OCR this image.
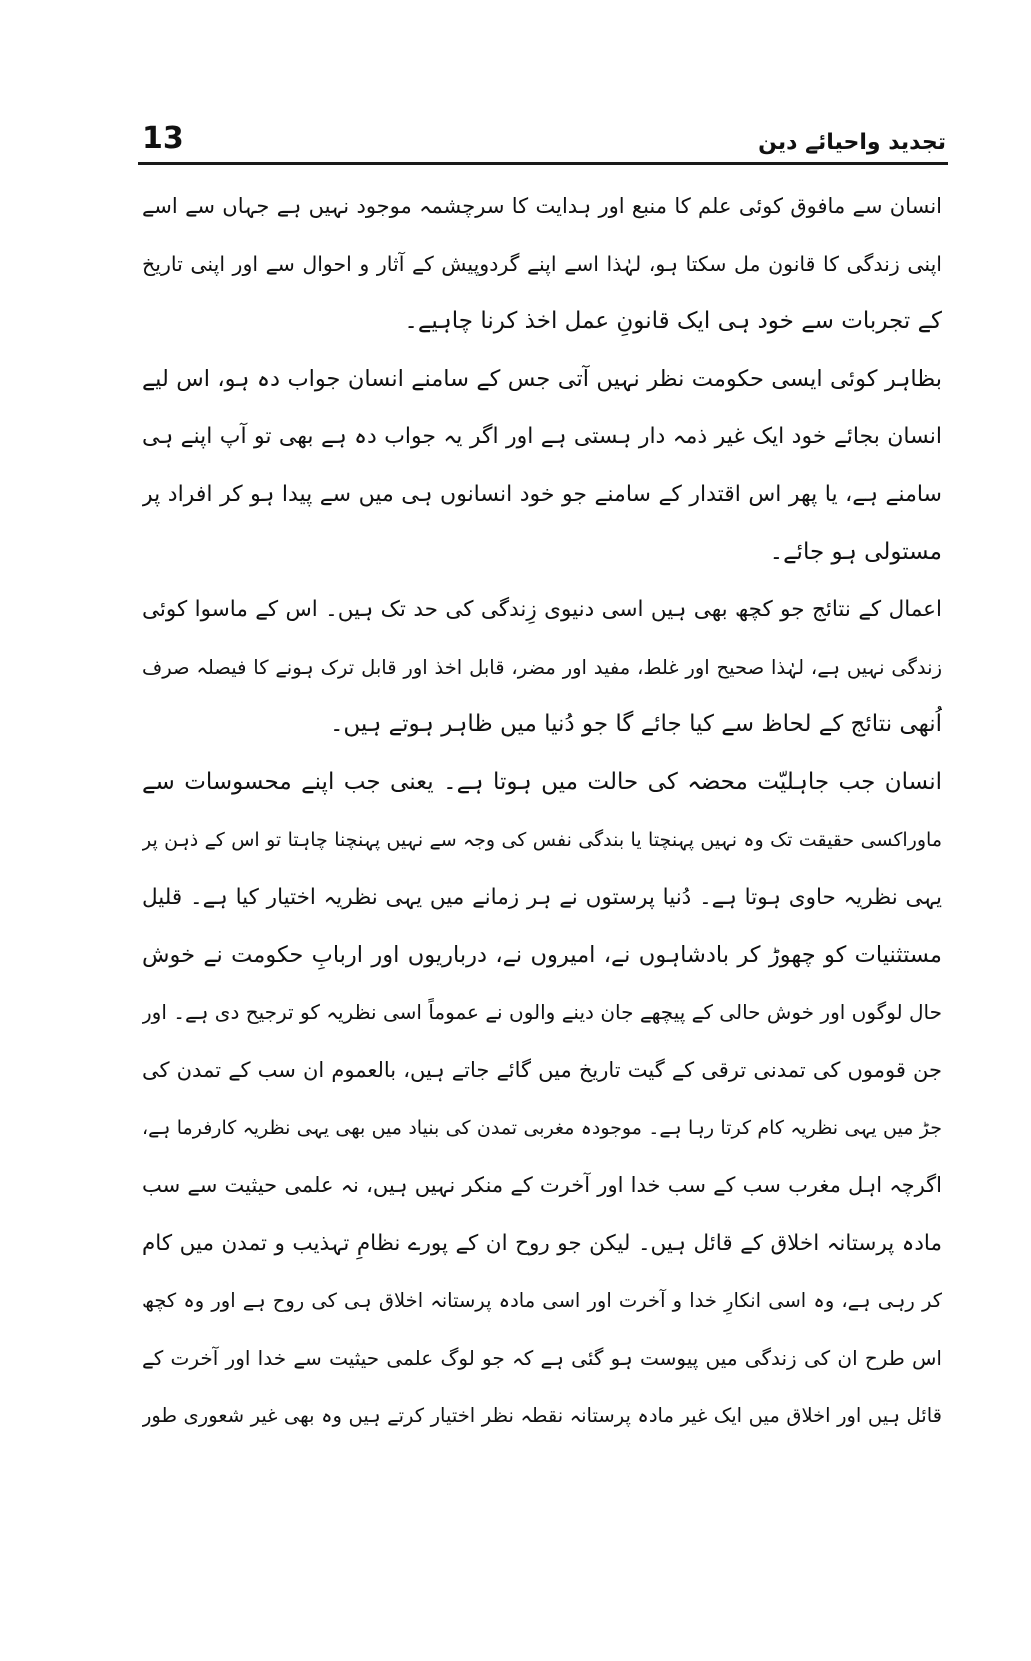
13	تجدید واحیائے دین
انسان سے مافوق کوئی علم کا منبع اور ہدایت کا سرچشمہ موجود نہیں ہے جہاں سے اسے
اپنی زندگی کا قانون مل سکتا ہو، لہٰذا اسے اپنے گردوپیش کے آثار و احوال سے اور اپنی تاریخ
کے تجربات سے خود ہی ایک قانونِ عمل اخذ کرنا چاہیے۔
بظاہر کوئی ایسی حکومت نظر نہیں آتی جس کے سامنے انسان جواب دہ ہو، اس لیے
انسان بجائے خود ایک غیر ذمہ دار ہستی ہے اور اگر یہ جواب دہ ہے بھی تو آپ اپنے ہی
سامنے ہے، یا پھر اس اقتدار کے سامنے جو خود انسانوں ہی میں سے پیدا ہو کر افراد پر
مستولی ہو جائے۔
اعمال کے نتائج جو کچھ بھی ہیں اسی دنیوی زِندگی کی حد تک ہیں۔ اس کے ماسوا کوئی
زندگی نہیں ہے، لہٰذا صحیح اور غلط، مفید اور مضر، قابل اخذ اور قابل ترک ہونے کا فیصلہ صرف
اُنھی نتائج کے لحاظ سے کیا جائے گا جو دُنیا میں ظاہر ہوتے ہیں۔
انسان جب جاہلیّت محضہ کی حالت میں ہوتا ہے۔ یعنی جب اپنے محسوسات سے
ماوراکسی حقیقت تک وہ نہیں پہنچتا یا بندگی نفس کی وجہ سے نہیں پہنچنا چاہتا تو اس کے ذہن پر
یہی نظریہ حاوی ہوتا ہے۔ دُنیا پرستوں نے ہر زمانے میں یہی نظریہ اختیار کیا ہے۔ قلیل
مستثنیات کو چھوڑ کر بادشاہوں نے، امیروں نے، درباریوں اور اربابِ حکومت نے خوش
حال لوگوں اور خوش حالی کے پیچھے جان دینے والوں نے عموماً اسی نظریہ کو ترجیح دی ہے۔ اور
جن قوموں کی تمدنی ترقی کے گیت تاریخ میں گائے جاتے ہیں، بالعموم ان سب کے تمدن کی
جڑ میں یہی نظریہ کام کرتا رہا ہے۔ موجودہ مغربی تمدن کی بنیاد میں بھی یہی نظریہ کارفرما ہے،
اگرچہ اہل مغرب سب کے سب خدا اور آخرت کے منکر نہیں ہیں، نہ علمی حیثیت سے سب
مادہ پرستانہ اخلاق کے قائل ہیں۔ لیکن جو روح ان کے پورے نظامِ تہذیب و تمدن میں کام
کر رہی ہے، وہ اسی انکارِ خدا و آخرت اور اسی مادہ پرستانہ اخلاق ہی کی روح ہے اور وہ کچھ
اس طرح ان کی زندگی میں پیوست ہو گئی ہے کہ جو لوگ علمی حیثیت سے خدا اور آخرت کے
قائل ہیں اور اخلاق میں ایک غیر مادہ پرستانہ نقطہ نظر اختیار کرتے ہیں وہ بھی غیر شعوری طور
